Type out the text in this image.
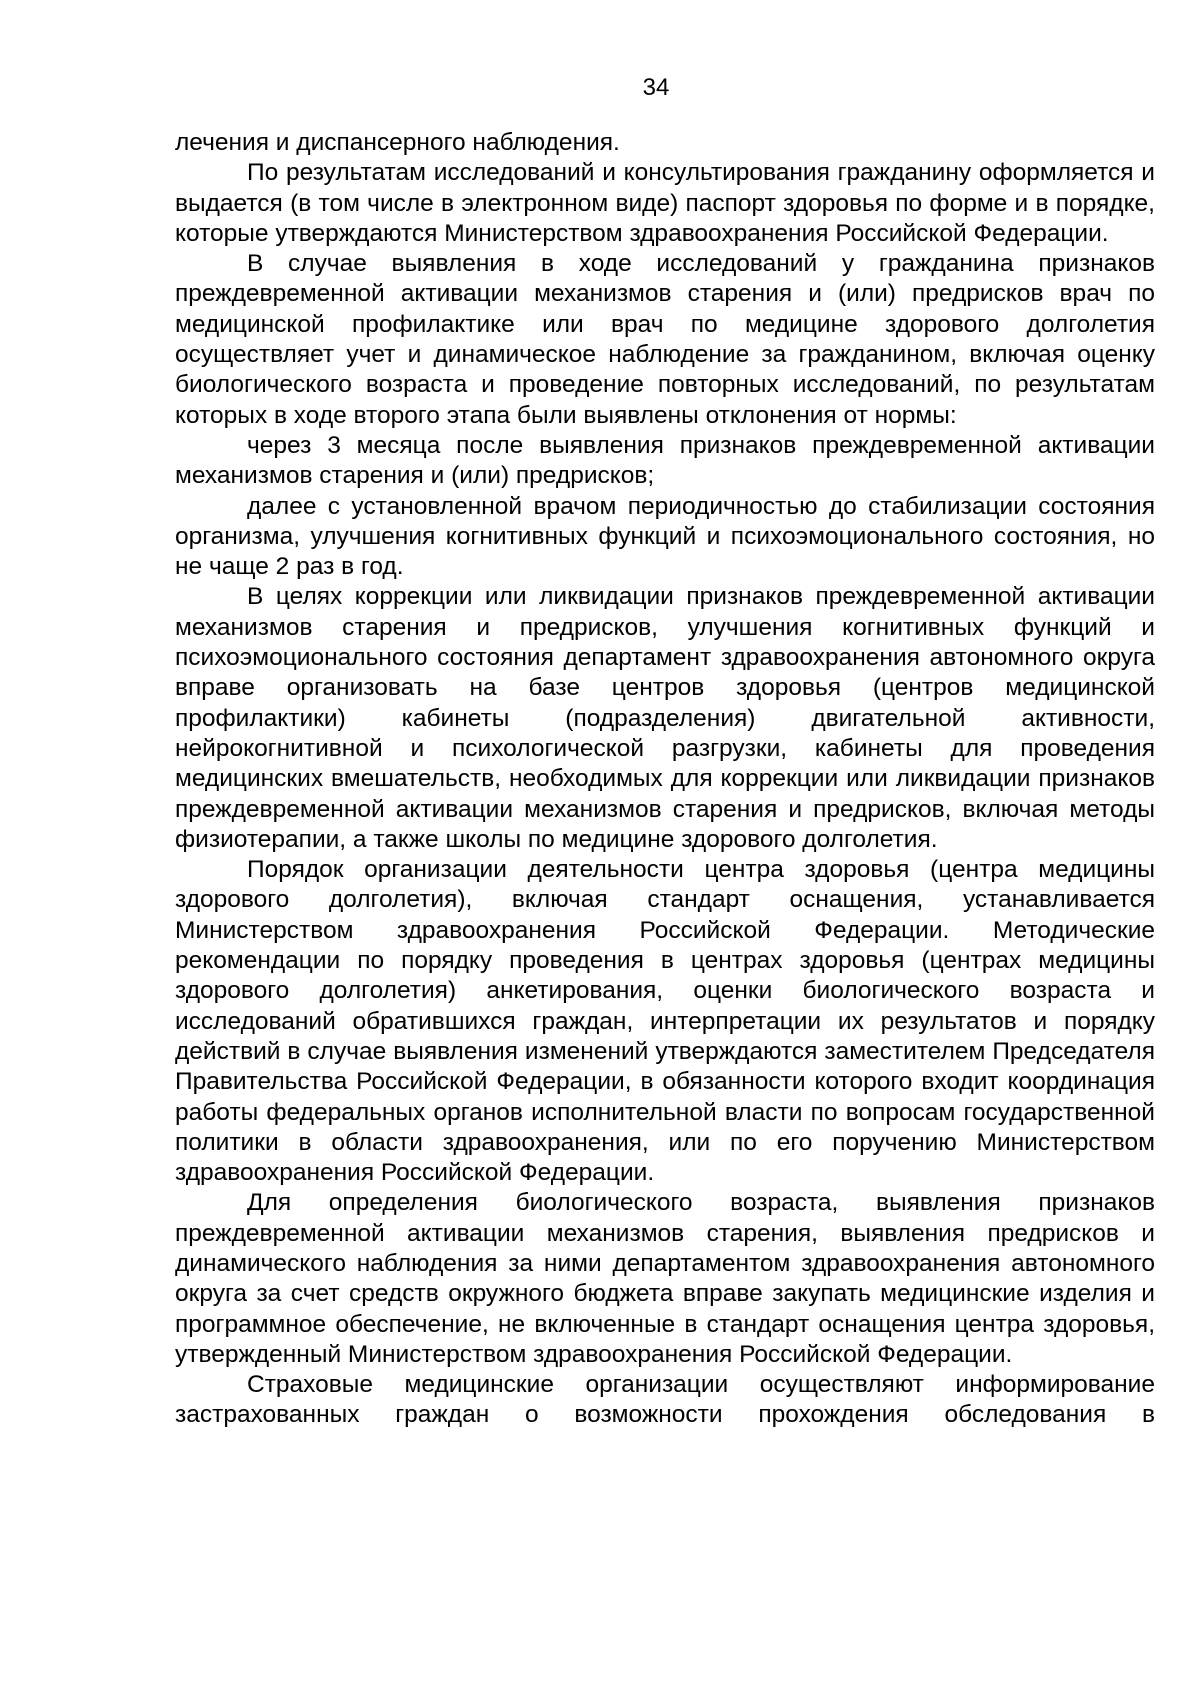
34

лечения и диспансерного наблюдения.

По результатам исследований и консультирования гражданину оформляется и выдается (в том числе в электронном виде) паспорт здоровья по форме и в порядке, которые утверждаются Министерством здравоохранения Российской Федерации.

В случае выявления в ходе исследований у гражданина признаков преждевременной активации механизмов старения и (или) предрисков врач по медицинской профилактике или врач по медицине здорового долголетия осуществляет учет и динамическое наблюдение за гражданином, включая оценку биологического возраста и проведение повторных исследований, по результатам которых в ходе второго этапа были выявлены отклонения от нормы:

через 3 месяца после выявления признаков преждевременной активации механизмов старения и (или) предрисков;

далее с установленной врачом периодичностью до стабилизации состояния организма, улучшения когнитивных функций и психоэмоционального состояния, но не чаще 2 раз в год.

В целях коррекции или ликвидации признаков преждевременной активации механизмов старения и предрисков, улучшения когнитивных функций и психоэмоционального состояния департамент здравоохранения автономного округа вправе организовать на базе центров здоровья (центров медицинской профилактики) кабинеты (подразделения) двигательной активности, нейрокогнитивной и психологической разгрузки, кабинеты для проведения медицинских вмешательств, необходимых для коррекции или ликвидации признаков преждевременной активации механизмов старения и предрисков, включая методы физиотерапии, а также школы по медицине здорового долголетия.

Порядок организации деятельности центра здоровья (центра медицины здорового долголетия), включая стандарт оснащения, устанавливается Министерством здравоохранения Российской Федерации. Методические рекомендации по порядку проведения в центрах здоровья (центрах медицины здорового долголетия) анкетирования, оценки биологического возраста и исследований обратившихся граждан, интерпретации их результатов и порядку действий в случае выявления изменений утверждаются заместителем Председателя Правительства Российской Федерации, в обязанности которого входит координация работы федеральных органов исполнительной власти по вопросам государственной политики в области здравоохранения, или по его поручению Министерством здравоохранения Российской Федерации.

Для определения биологического возраста, выявления признаков преждевременной активации механизмов старения, выявления предрисков и динамического наблюдения за ними департаментом здравоохранения автономного округа за счет средств окружного бюджета вправе закупать медицинские изделия и программное обеспечение, не включенные в стандарт оснащения центра здоровья, утвержденный Министерством здравоохранения Российской Федерации.

Страховые медицинские организации осуществляют информирование застрахованных граждан о возможности прохождения обследования в
